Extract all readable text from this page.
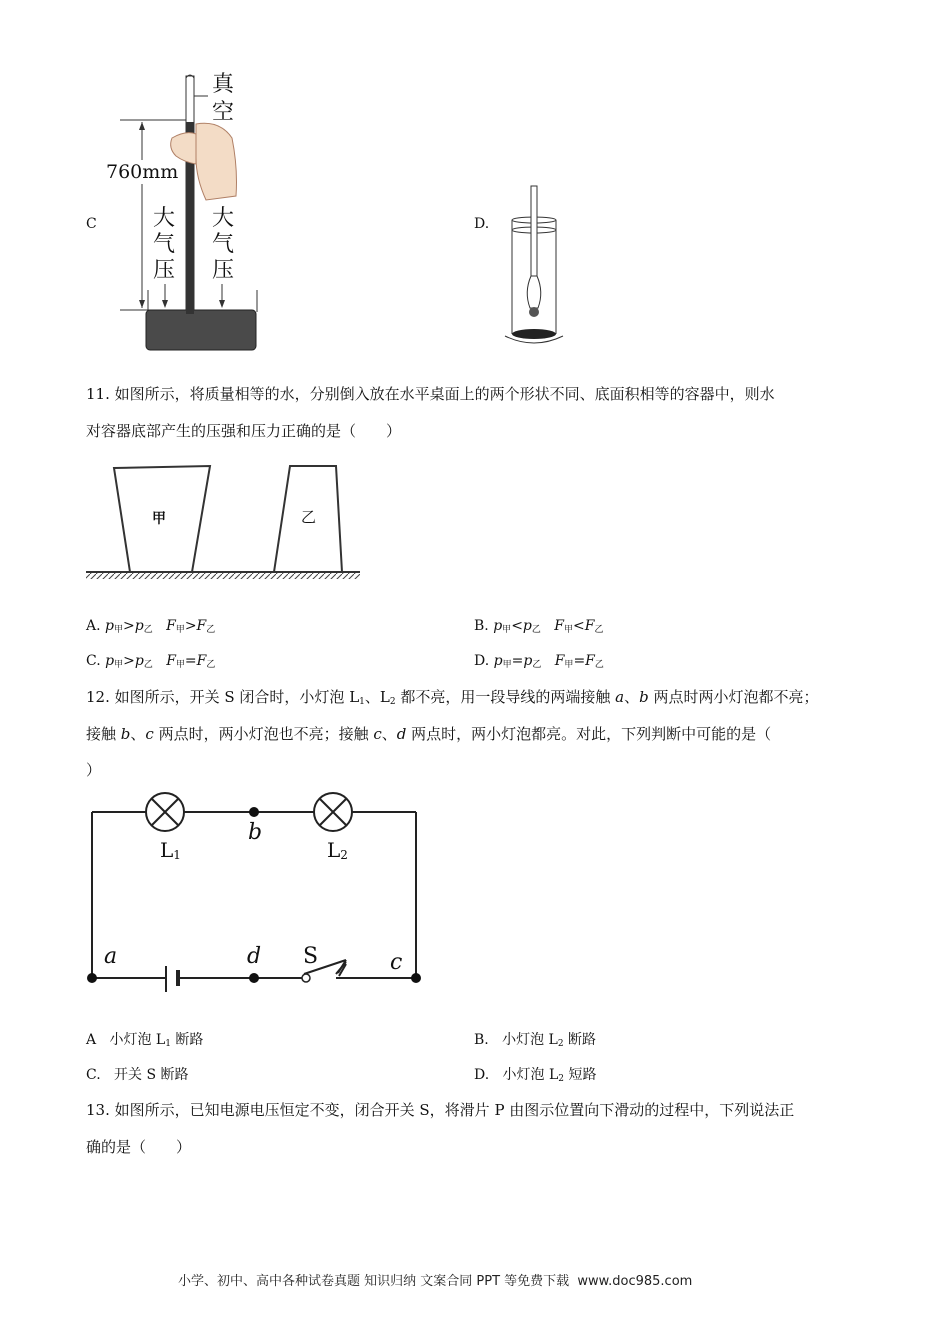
C
真
空
760mm
大
气
压
大
气
压
D.
11. 如图所示，将质量相等的水，分别倒入放在水平桌面上的两个形状不同、底面积相等的容器中，则水
对容器底部产生的压强和压力正确的是（　　）
甲	乙
A. $p_甲>p_乙$ $F_甲>F_乙$	B. $p_甲<p_乙$ $F_甲<F_乙$
C. $p_甲>p_乙$ $F_甲=F_乙$	D. $p_甲=p_乙$ $F_甲=F_乙$
12. 如图所示，开关 S 闭合时，小灯泡 $L_1$、$L_2$ 都不亮，用一段导线的两端接触 a、b 两点时两小灯泡都不亮；
接触 b、c 两点时，两小灯泡也不亮；接触 c、d 两点时，两小灯泡都亮。对此，下列判断中可能的是（
）
L1	L2
b
a	d S	c
A 小灯泡 $L_1$ 断路	B. 小灯泡 $L_2$ 断路
C. 开关 S 断路	D. 小灯泡 $L_2$ 短路
13. 如图所示，已知电源电压恒定不变，闭合开关 S，将滑片 P 由图示位置向下滑动的过程中，下列说法正
确的是（　　）
小学、初中、高中各种试卷真题 知识归纳 文案合同 PPT 等免费下载 www.doc985.com
